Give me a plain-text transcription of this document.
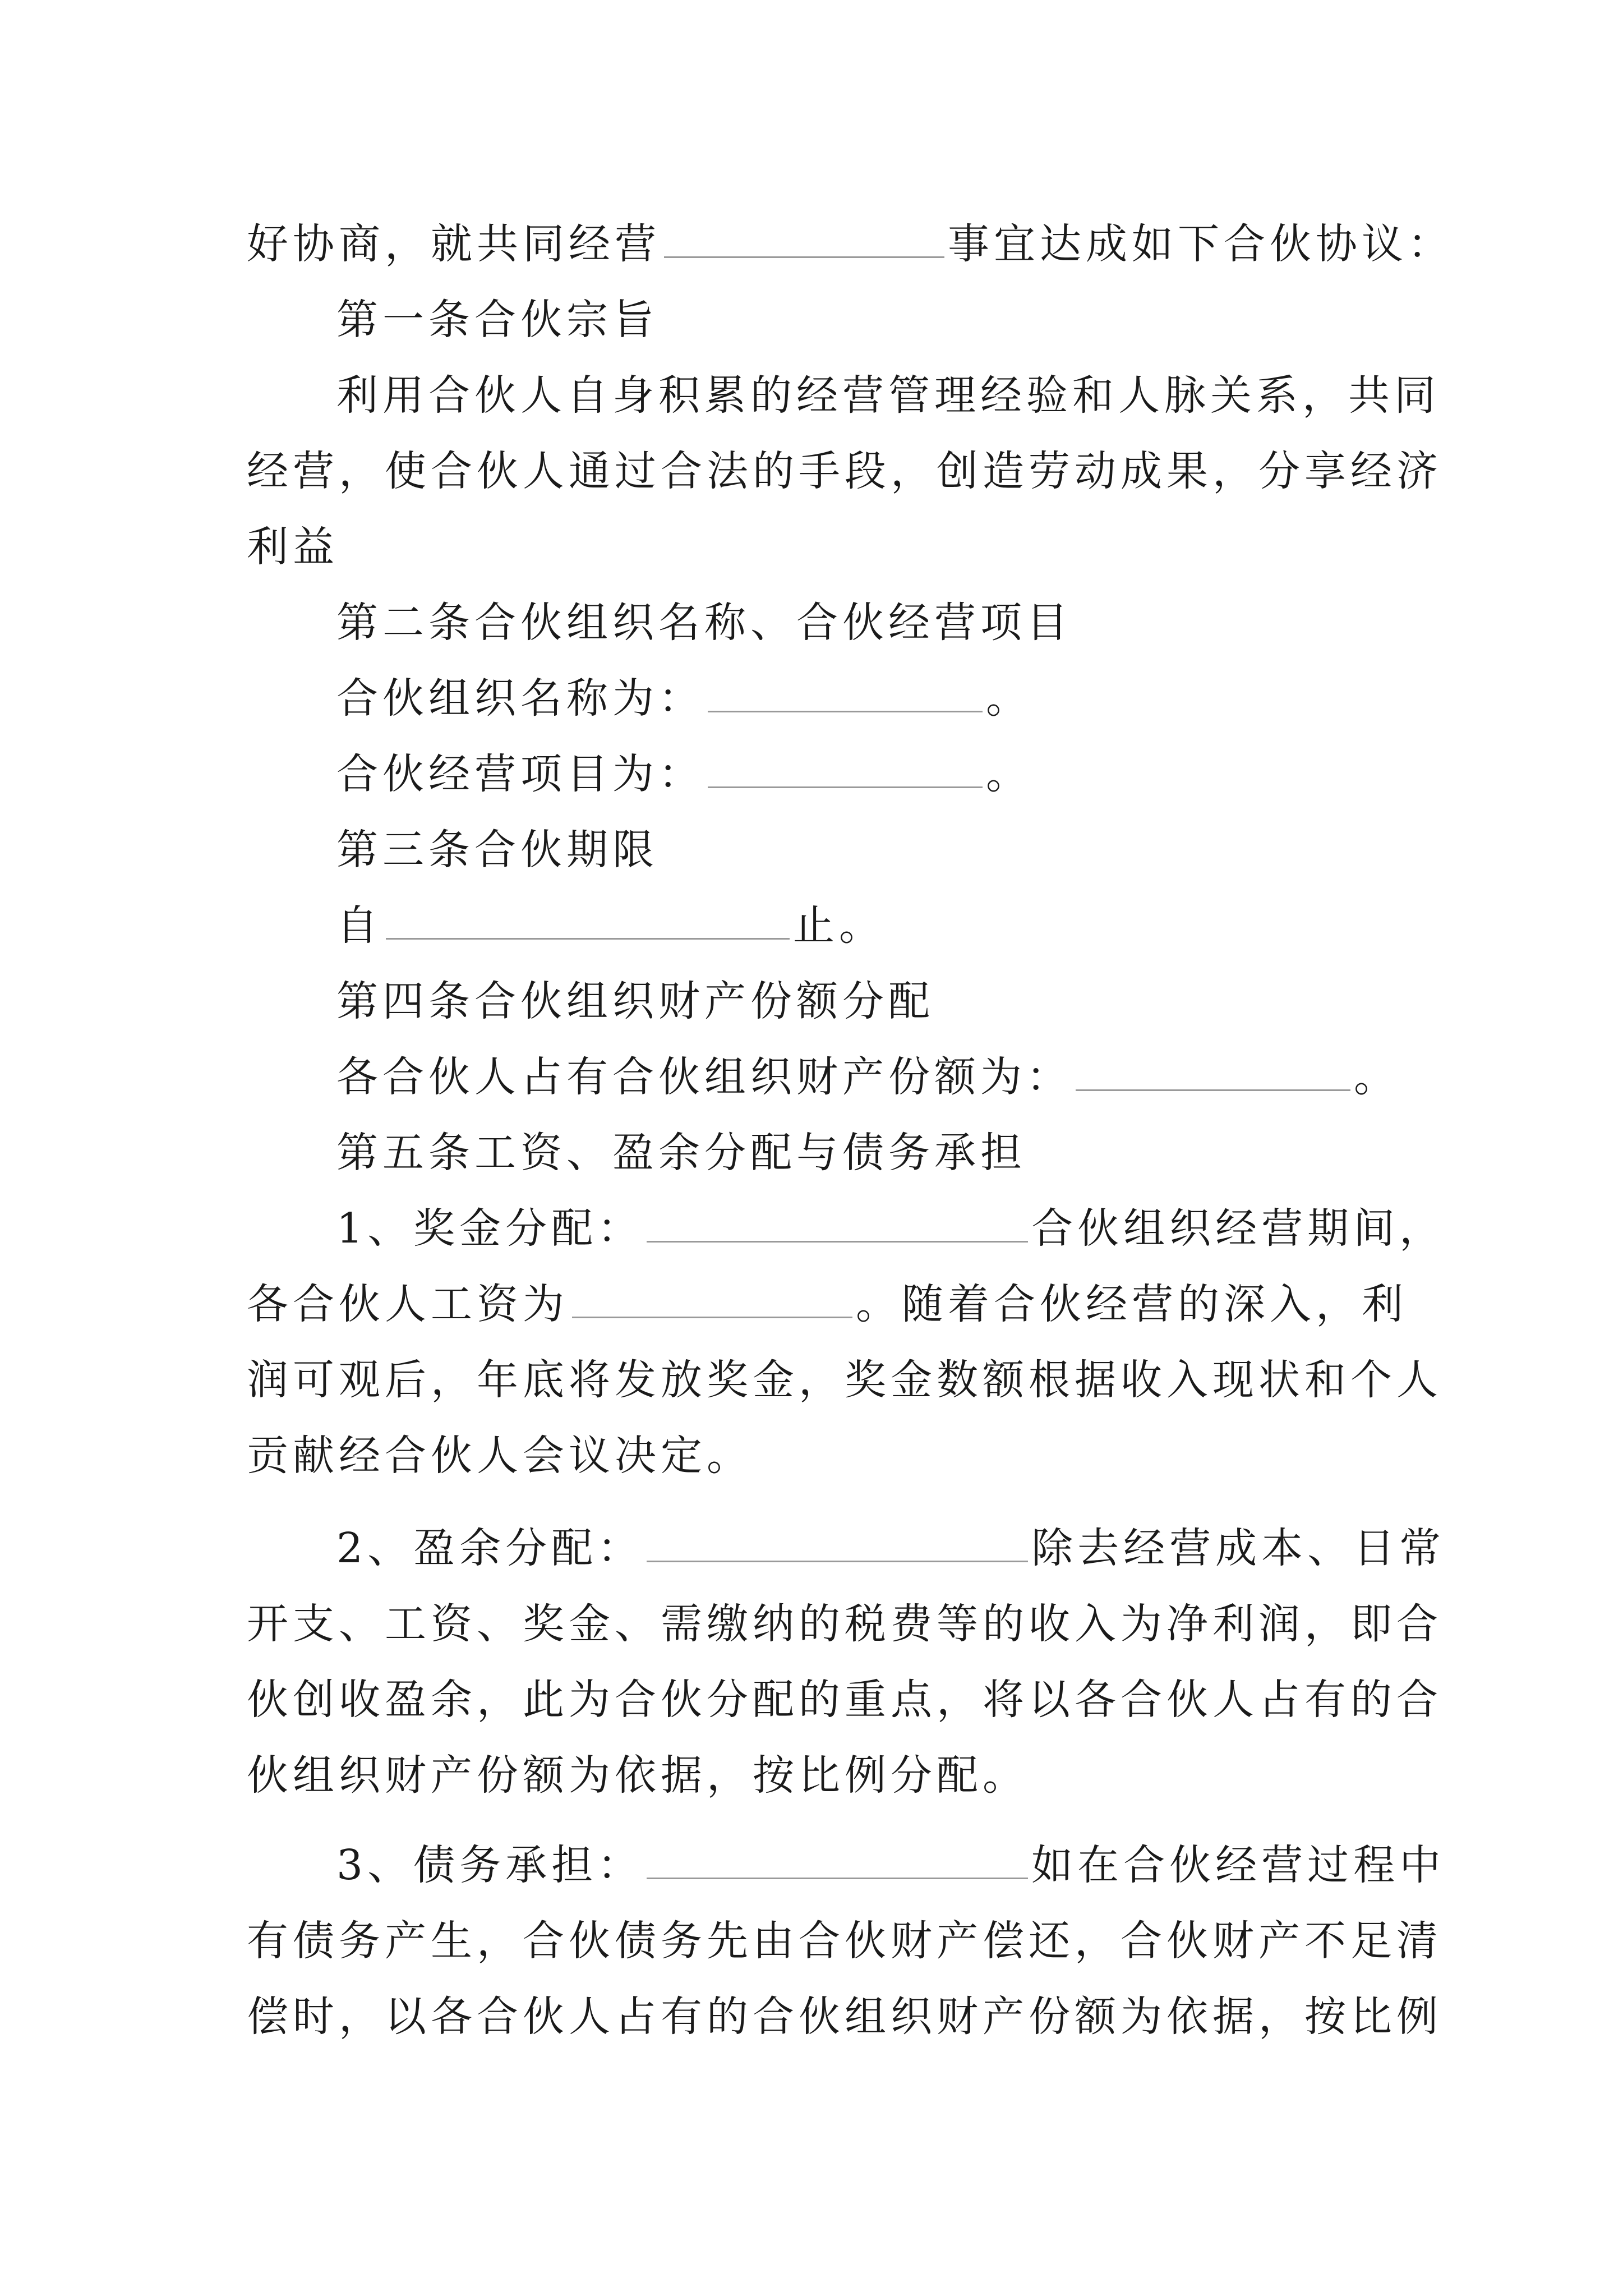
好协商，就共同经营	事宜达成如下合伙协议：
第一条合伙宗旨
利用合伙人自身积累的经营管理经验和人脉关系，共同
经营，使合伙人通过合法的手段，创造劳动成果，分享经济
利益
第二条合伙组织名称、合伙经营项目
合伙组织名称为：	。
合伙经营项目为：	。
第三条合伙期限
自	止。
第四条合伙组织财产份额分配
各合伙人占有合伙组织财产份额为：	。
第五条工资、盈余分配与债务承担
1、奖金分配：	合伙组织经营期间，
各合伙人工资为	。随着合伙经营的深入，利
润可观后，年底将发放奖金，奖金数额根据收入现状和个人
贡献经合伙人会议决定。
2、盈余分配：	除去经营成本、日常
开支、工资、奖金、需缴纳的税费等的收入为净利润，即合
伙创收盈余，此为合伙分配的重点，将以各合伙人占有的合
伙组织财产份额为依据，按比例分配。
3、债务承担：	如在合伙经营过程中
有债务产生，合伙债务先由合伙财产偿还，合伙财产不足清
偿时，以各合伙人占有的合伙组织财产份额为依据，按比例
